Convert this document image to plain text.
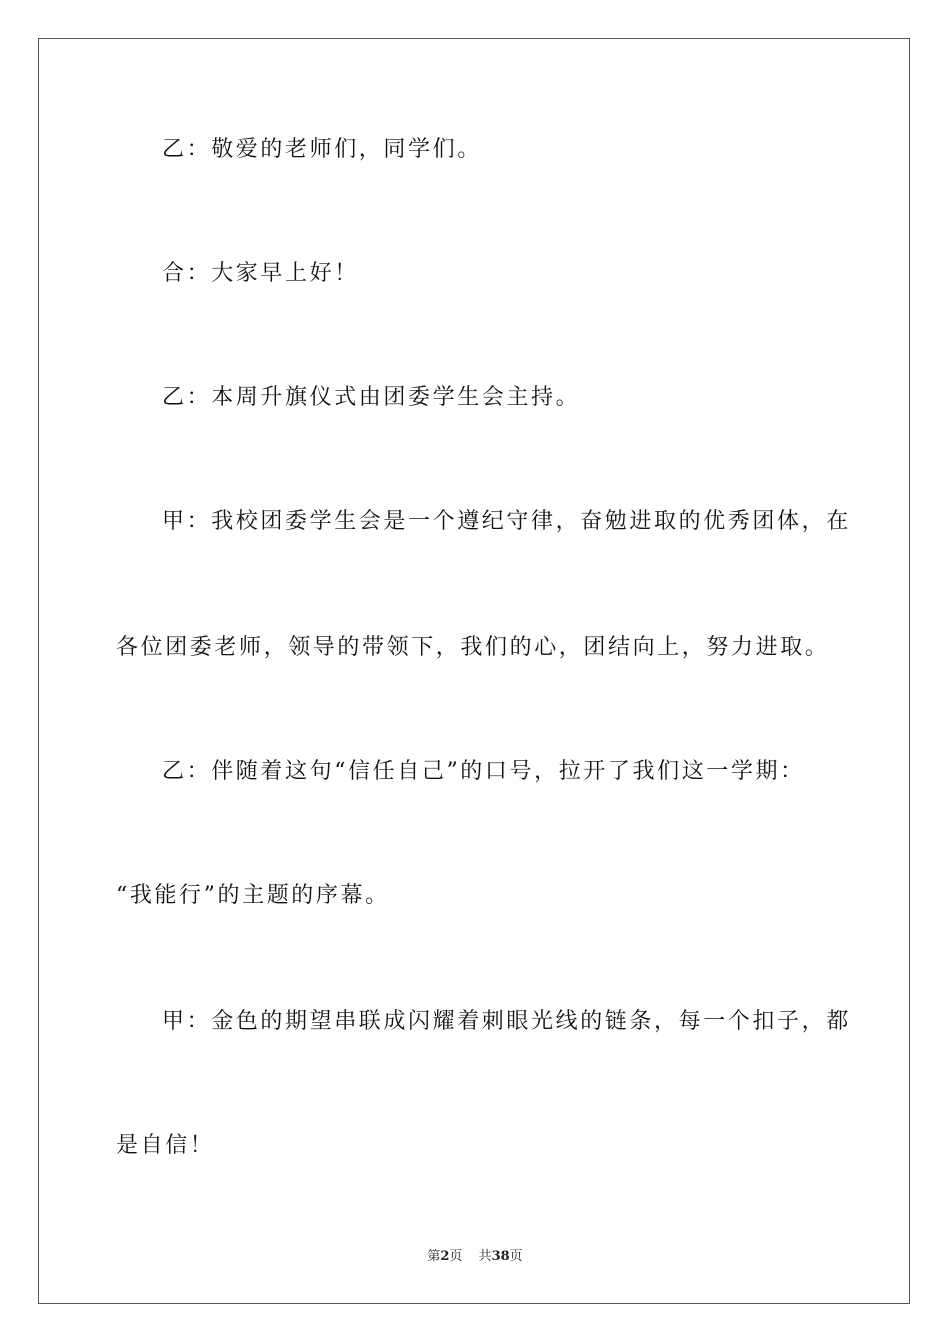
乙：敬爱的老师们，同学们。
合：大家早上好！
乙：本周升旗仪式由团委学生会主持。
甲：我校团委学生会是一个遵纪守律，奋勉进取的优秀团体，在
各位团委老师，领导的带领下，我们的心，团结向上，努力进取。
乙：伴随着这句“信任自己”的口号，拉开了我们这一学期：
“我能行”的主题的序幕。
甲：金色的期望串联成闪耀着刺眼光线的链条，每一个扣子，都
是自信！
第2页 共38页
